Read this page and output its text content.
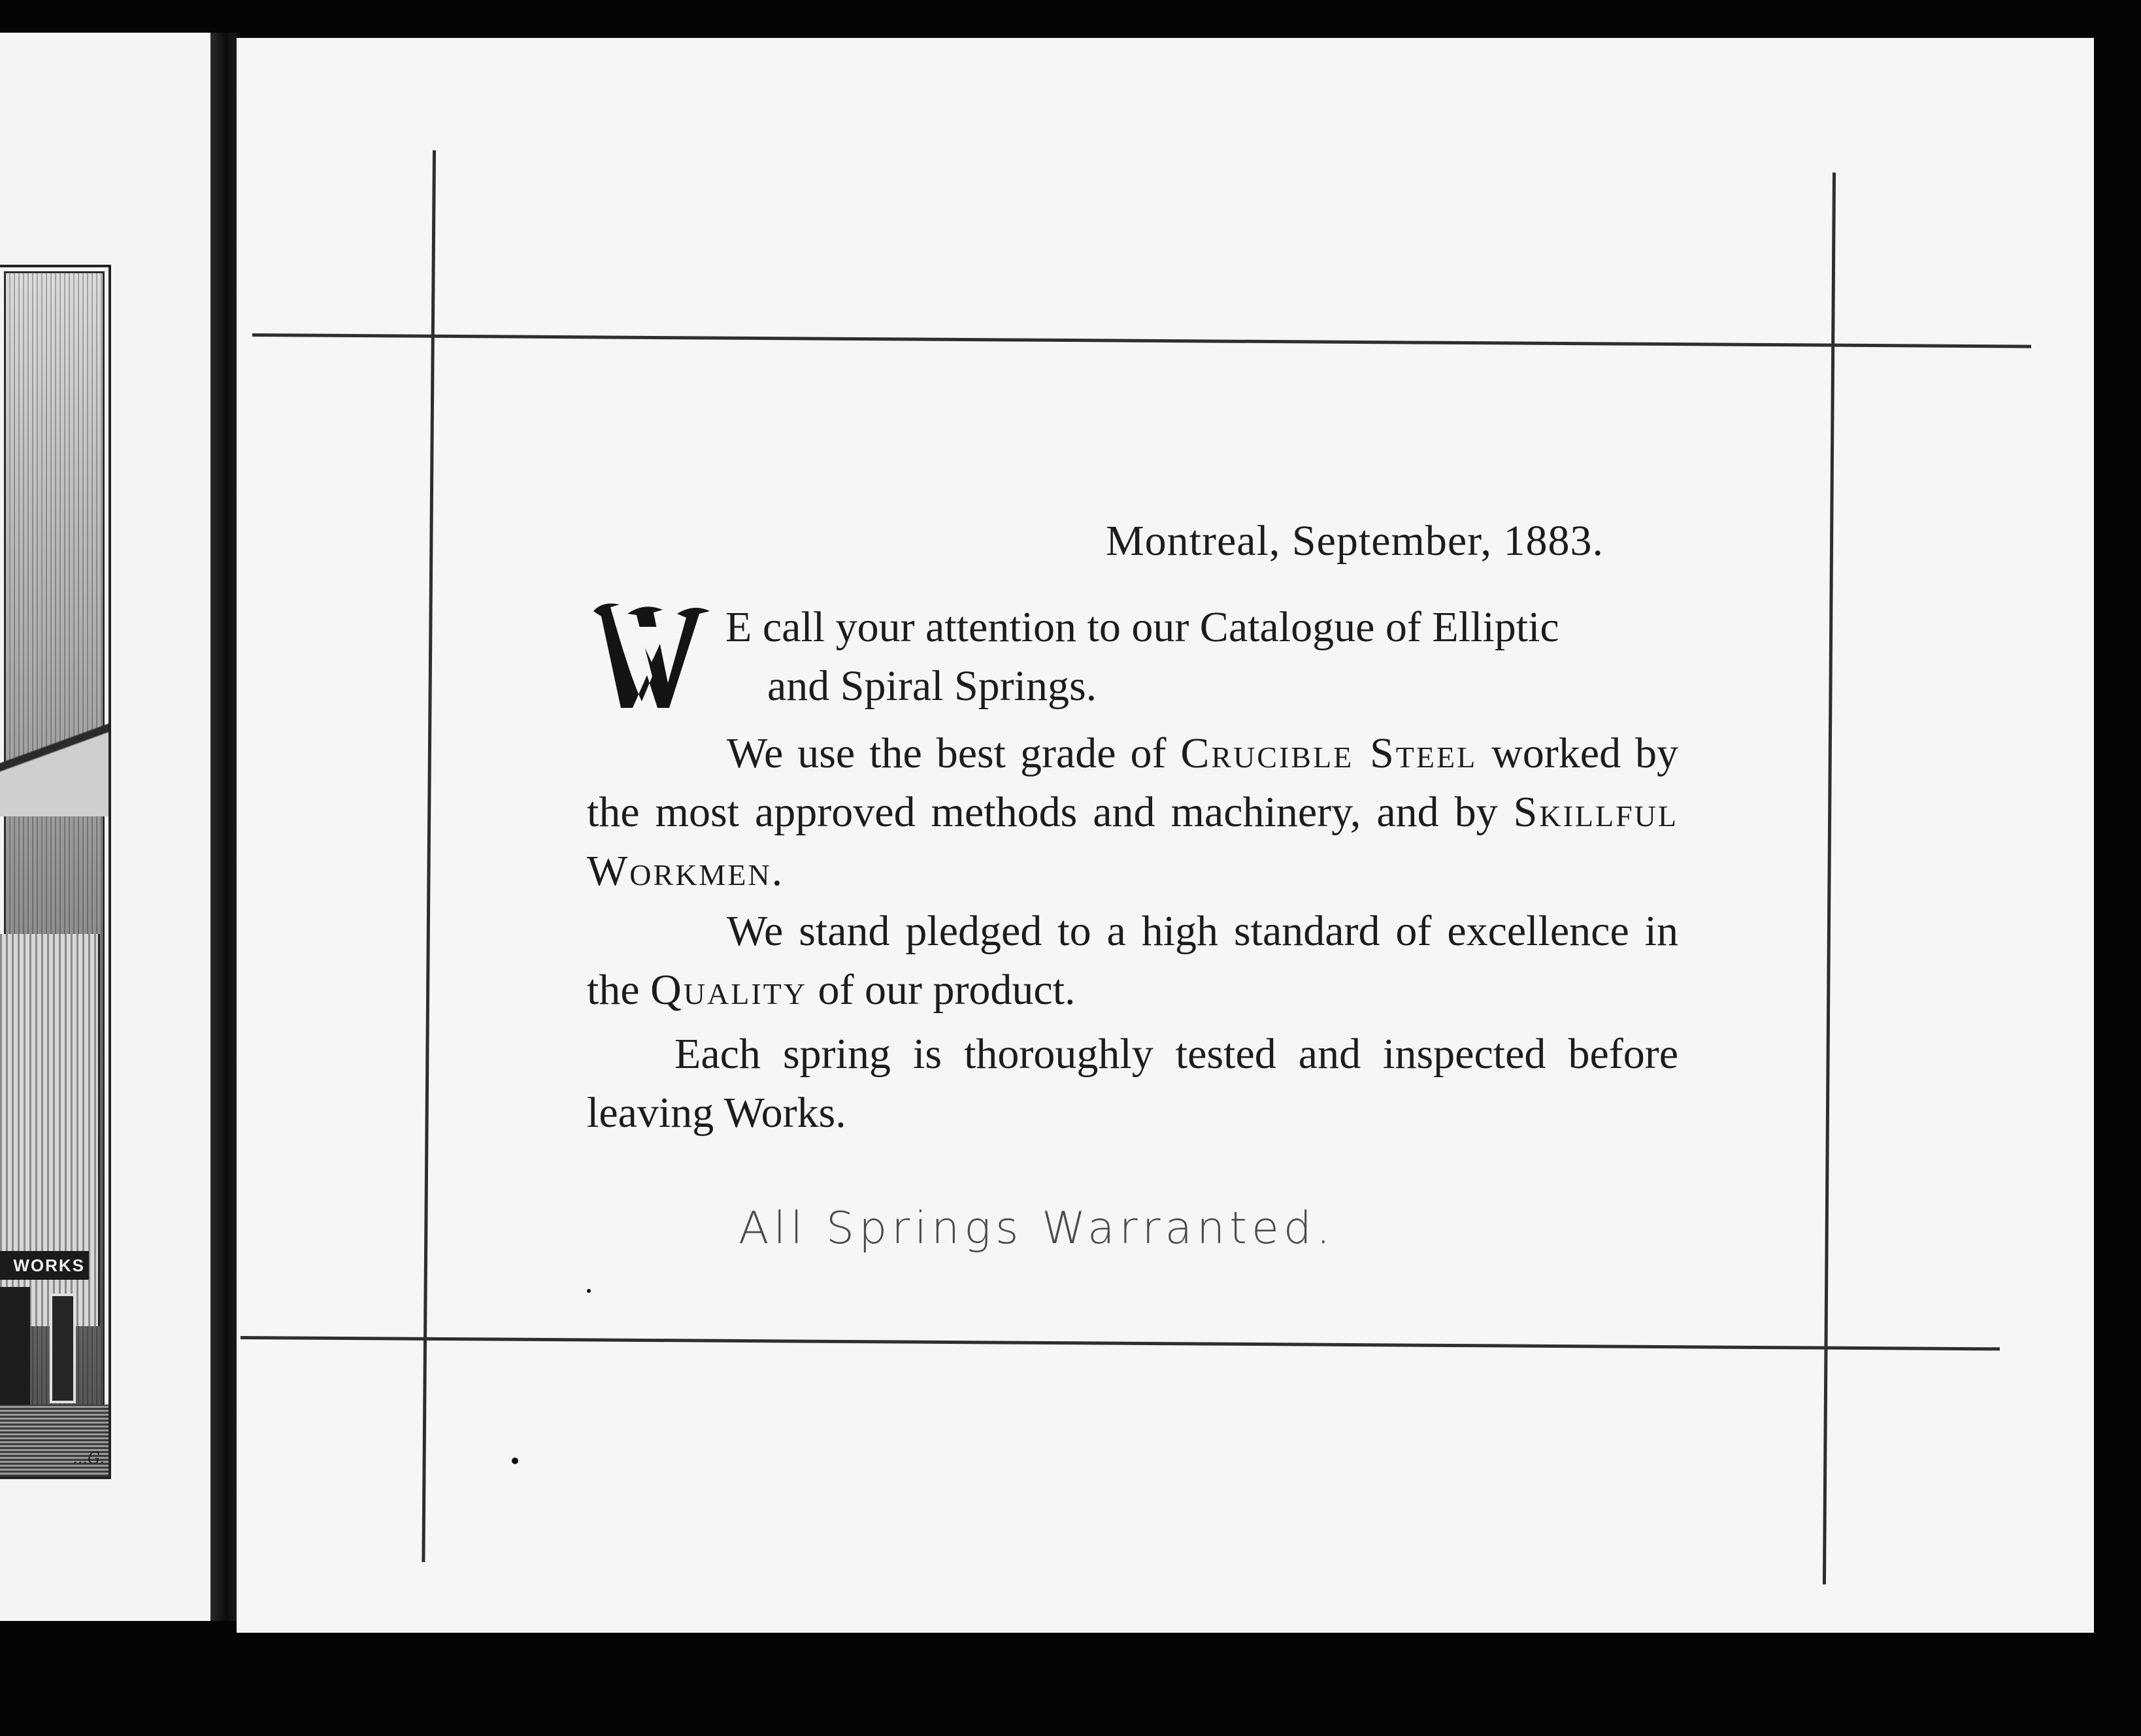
WORKS
...G.
Montreal, September, 1883.
E call your attention to our Catalogue of Elliptic
and Spiral Springs.
We use the best grade of Crucible Steel worked by the most approved methods and machinery, and by Skillful Workmen.
We stand pledged to a high standard of excellence in the Quality of our product.
Each spring is thoroughly tested and inspected before leaving Works.
All Springs Warranted.
